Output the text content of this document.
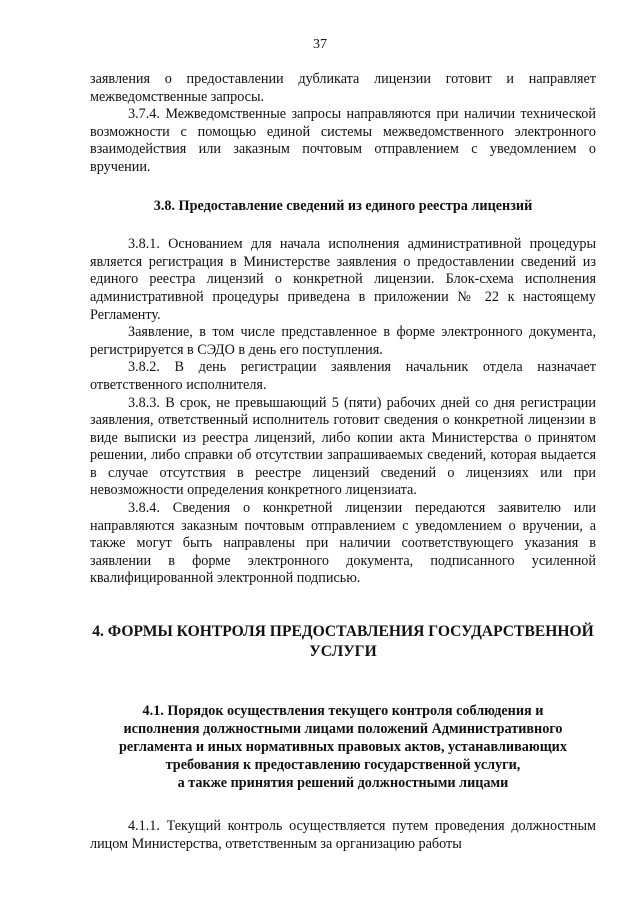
37

заявления о предоставлении дубликата лицензии готовит и направляет межведомственные запросы.

3.7.4. Межведомственные запросы направляются при наличии технической возможности с помощью единой системы межведомственного электронного взаимодействия или заказным почтовым отправлением с уведомлением о вручении.

3.8. Предоставление сведений из единого реестра лицензий

3.8.1. Основанием для начала исполнения административной процедуры является регистрация в Министерстве заявления о предоставлении сведений из единого реестра лицензий о конкретной лицензии. Блок-схема исполнения административной процедуры приведена в приложении № 22 к настоящему Регламенту.

Заявление, в том числе представленное в форме электронного документа, регистрируется в СЭДО в день его поступления.

3.8.2. В день регистрации заявления начальник отдела назначает ответственного исполнителя.

3.8.3. В срок, не превышающий 5 (пяти) рабочих дней со дня регистрации заявления, ответственный исполнитель готовит сведения о конкретной лицензии в виде выписки из реестра лицензий, либо копии акта Министерства о принятом решении, либо справки об отсутствии запрашиваемых сведений, которая выдается в случае отсутствия в реестре лицензий сведений о лицензиях или при невозможности определения конкретного лицензиата.

3.8.4. Сведения о конкретной лицензии передаются заявителю или направляются заказным почтовым отправлением с уведомлением о вручении, а также могут быть направлены при наличии соответствующего указания в заявлении в форме электронного документа, подписанного усиленной квалифицированной электронной подписью.

4. ФОРМЫ КОНТРОЛЯ ПРЕДОСТАВЛЕНИЯ ГОСУДАРСТВЕННОЙ
УСЛУГИ
4.1. Порядок осуществления текущего контроля соблюдения и
исполнения должностными лицами положений Административного
регламента и иных нормативных правовых актов, устанавливающих
требования к предоставлению государственной услуги,
а также принятия решений должностными лицами

4.1.1. Текущий контроль осуществляется путем проведения должностным лицом Министерства, ответственным за организацию работы
